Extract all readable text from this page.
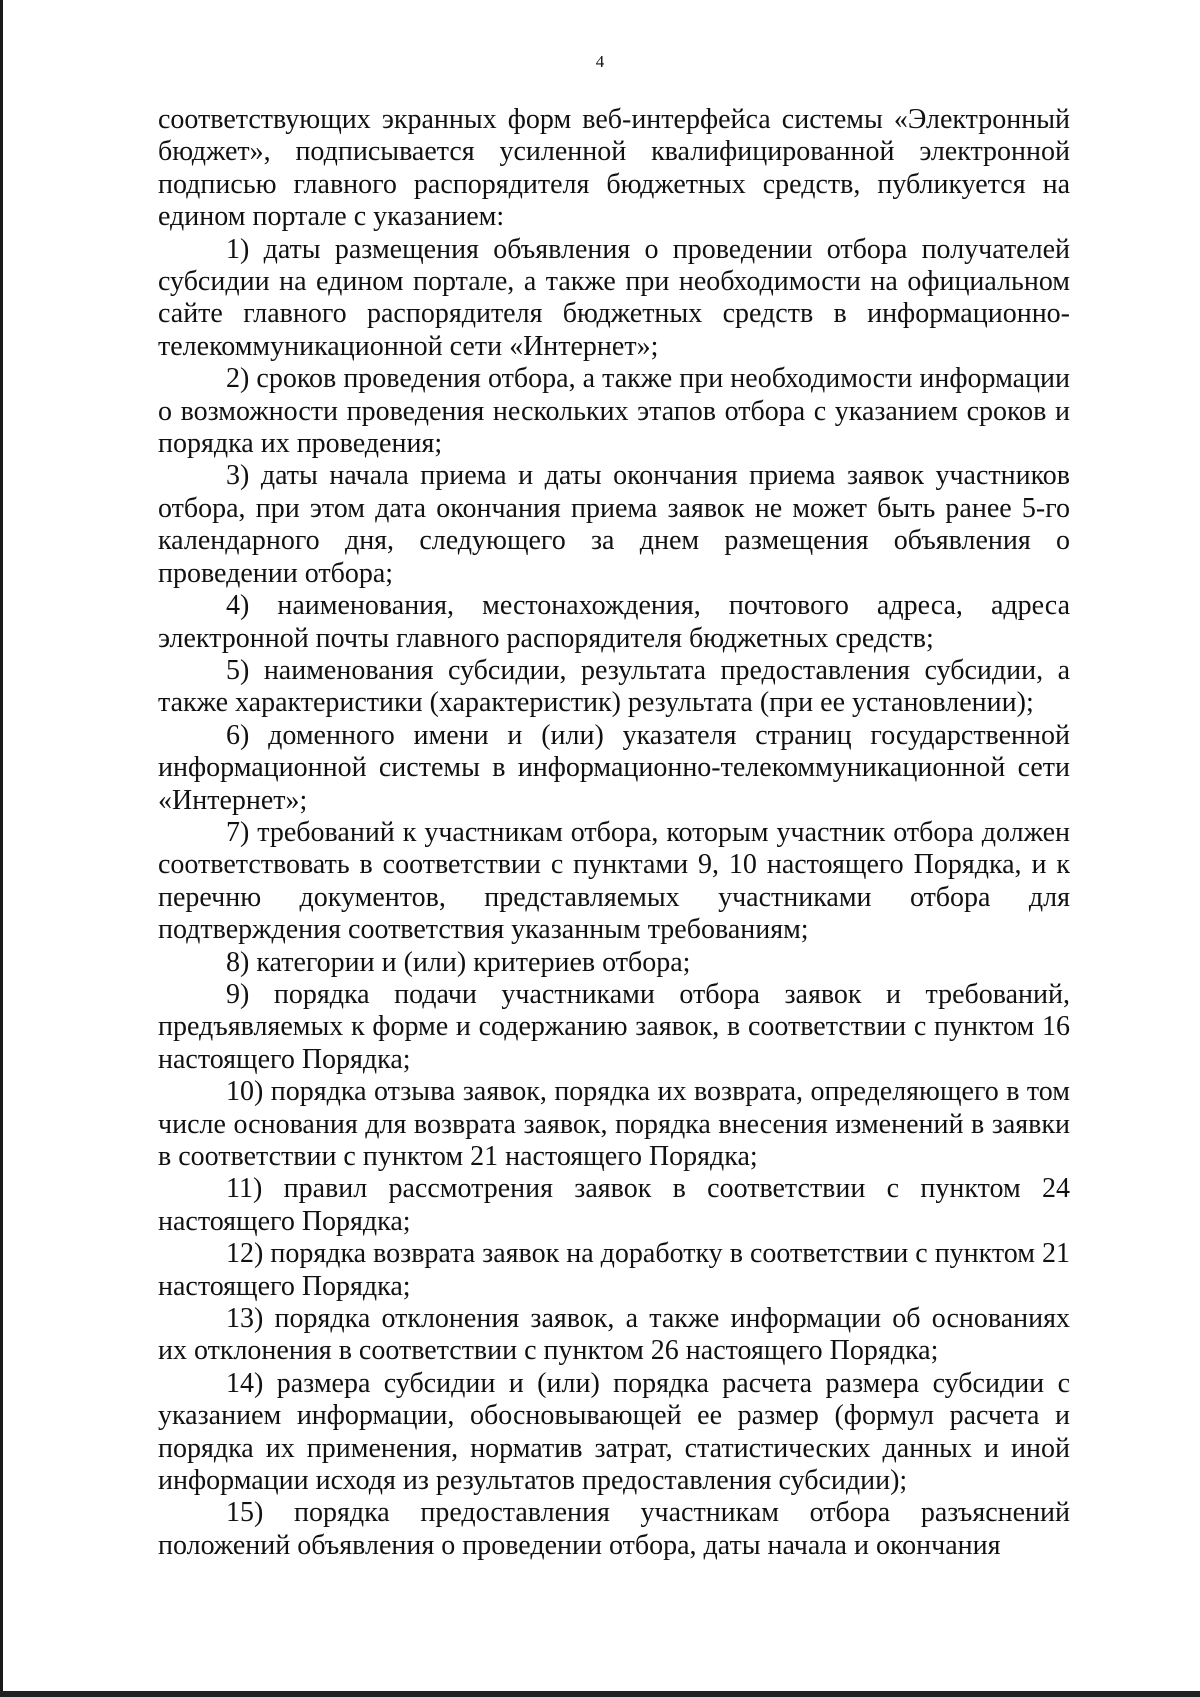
4

соответствующих экранных форм веб-интерфейса системы «Электронный бюджет», подписывается усиленной квалифицированной электронной подписью главного распорядителя бюджетных средств, публикуется на едином портале с указанием:

1) даты размещения объявления о проведении отбора получателей субсидии на едином портале, а также при необходимости на официальном сайте главного распорядителя бюджетных средств в информационно-телекоммуникационной сети «Интернет»;

2) сроков проведения отбора, а также при необходимости информации о возможности проведения нескольких этапов отбора с указанием сроков и порядка их проведения;

3) даты начала приема и даты окончания приема заявок участников отбора, при этом дата окончания приема заявок не может быть ранее 5-го календарного дня, следующего за днем размещения объявления о проведении отбора;

4) наименования, местонахождения, почтового адреса, адреса электронной почты главного распорядителя бюджетных средств;

5) наименования субсидии, результата предоставления субсидии, а также характеристики (характеристик) результата (при ее установлении);

6) доменного имени и (или) указателя страниц государственной информационной системы в информационно-телекоммуникационной сети «Интернет»;

7) требований к участникам отбора, которым участник отбора должен соответствовать в соответствии с пунктами 9, 10 настоящего Порядка, и к перечню документов, представляемых участниками отбора для подтверждения соответствия указанным требованиям;

8) категории и (или) критериев отбора;

9) порядка подачи участниками отбора заявок и требований, предъявляемых к форме и содержанию заявок, в соответствии с пунктом 16 настоящего Порядка;

10) порядка отзыва заявок, порядка их возврата, определяющего в том числе основания для возврата заявок, порядка внесения изменений в заявки в соответствии с пунктом 21 настоящего Порядка;

11) правил рассмотрения заявок в соответствии с пунктом 24 настоящего Порядка;

12) порядка возврата заявок на доработку в соответствии с пунктом 21 настоящего Порядка;

13) порядка отклонения заявок, а также информации об основаниях их отклонения в соответствии с пунктом 26 настоящего Порядка;

14) размера субсидии и (или) порядка расчета размера субсидии с указанием информации, обосновывающей ее размер (формул расчета и порядка их применения, норматив затрат, статистических данных и иной информации исходя из результатов предоставления субсидии);

15) порядка предоставления участникам отбора разъяснений положений объявления о проведении отбора, даты начала и окончания
